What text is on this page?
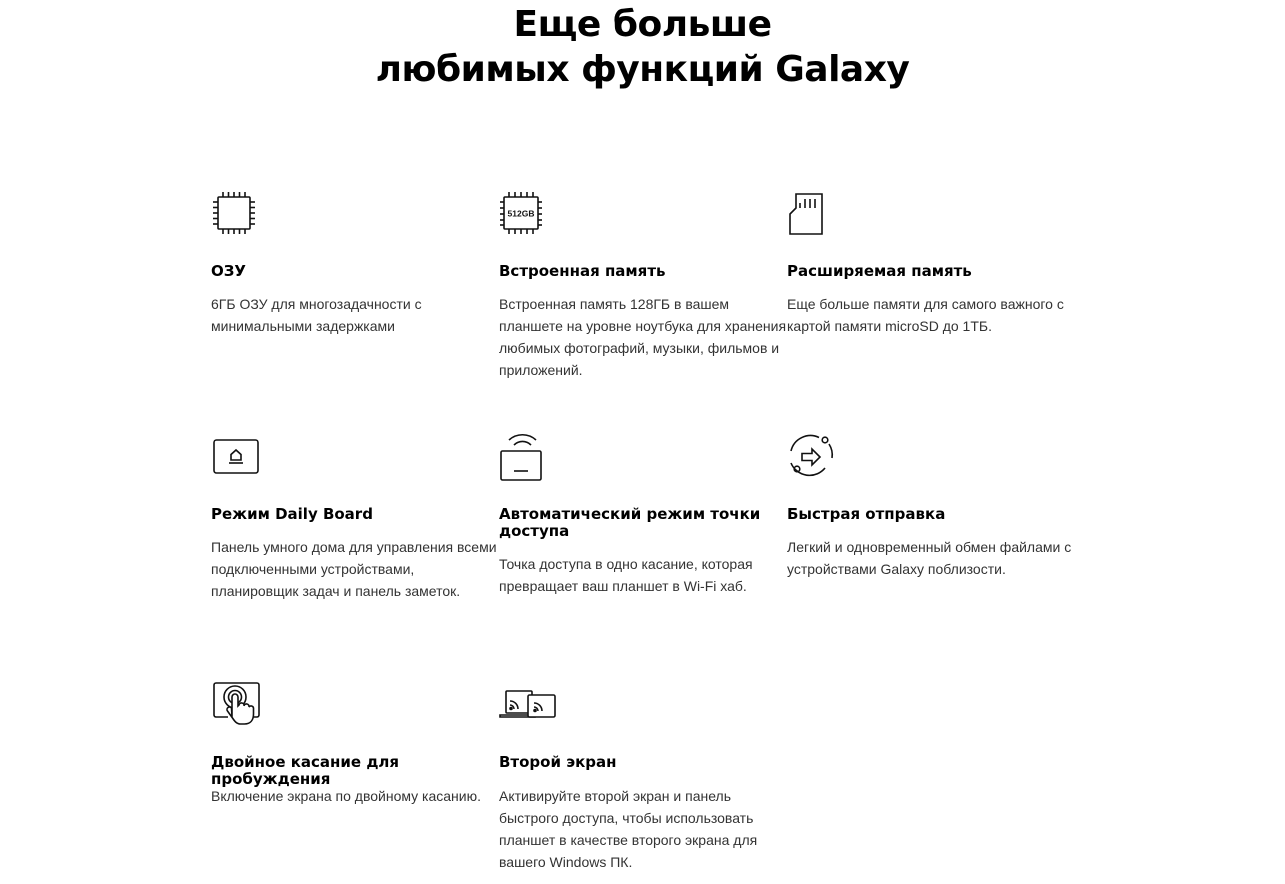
Еще больше
любимых функций Galaxy
ОЗУ

6ГБ ОЗУ для многозадачности с минимальными задержками

512GB
Встроенная память

Встроенная память 128ГБ в вашем планшете на уровне ноутбука для хранения любимых фотографий, музыки, фильмов и приложений.

Расширяемая память

Еще больше памяти для самого важного с картой памяти microSD до 1ТБ.

Режим Daily Board

Панель умного дома для управления всеми подключенными устройствами, планировщик задач и панель заметок.

Автоматический режим точки доступа

Точка доступа в одно касание, которая превращает ваш планшет в Wi-Fi хаб.

Быстрая отправка

Легкий и одновременный обмен файлами с устройствами Galaxy поблизости.

Двойное касание для пробуждения

Включение экрана по двойному касанию.

Второй экран

Активируйте второй экран и панель быстрого доступа, чтобы использовать планшет в качестве второго экрана для вашего Windows ПК.
